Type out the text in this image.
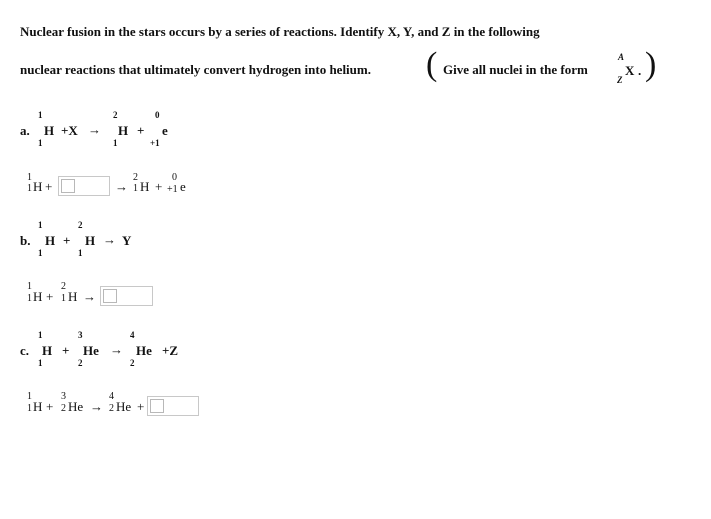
Nuclear fusion in the stars occurs by a series of reactions. Identify X, Y, and Z in the following
nuclear reactions that ultimately convert hydrogen into helium. ( Give all nuclei in the form
A
X
Z
. )
1
a. H
1
+X →
2
H
1
+
0
e
+1
1
1 H +	→
2
1 H +
0
+1 e
1
b. H
1
+
2
H
1
→ Y
1
1 H +
2
1 H →
1
c. H
1
+
3
He
2
→
4
He
2
+Z
1
1 H +
3
2 He →
4
2 He +
